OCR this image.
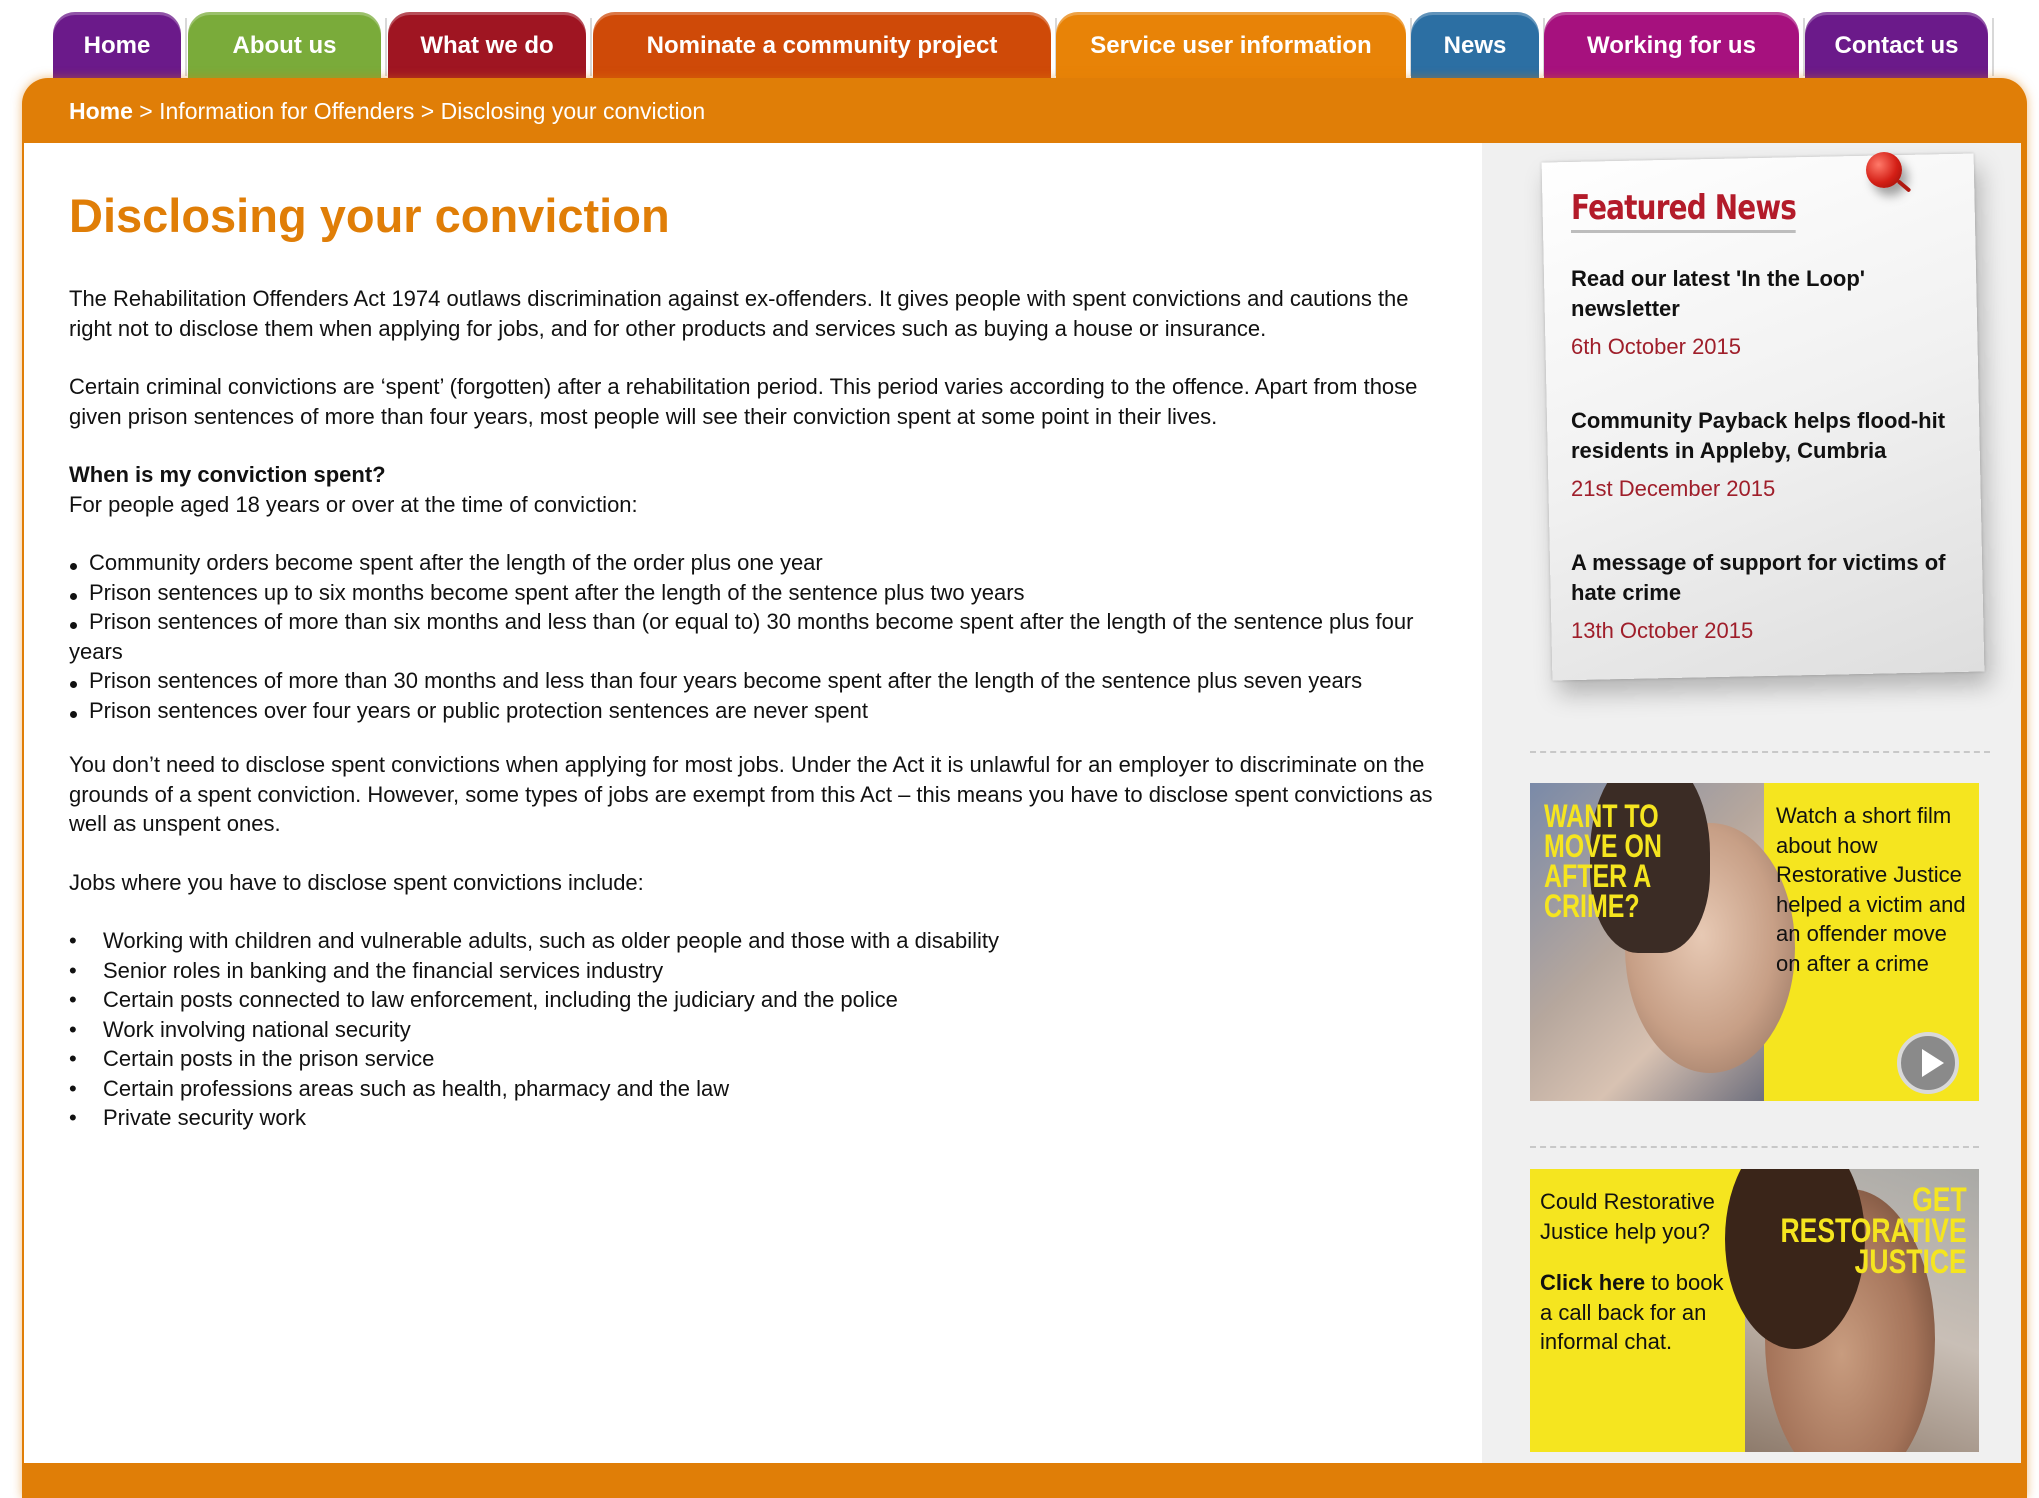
Home	About us	What we do	Nominate a community project	Service user information	News	Working for us	Contact us
Home > Information for Offenders > Disclosing your conviction
Disclosing your conviction

The Rehabilitation Offenders Act 1974 outlaws discrimination against ex-offenders. It gives people with spent convictions and cautions the right not to disclose them when applying for jobs, and for other products and services such as buying a house or insurance.

Certain criminal convictions are ‘spent’ (forgotten) after a rehabilitation period. This period varies according to the offence. Apart from those given prison sentences of more than four years, most people will see their conviction spent at some point in their lives.

When is my conviction spent?

For people aged 18 years or over at the time of conviction:

Community orders become spent after the length of the order plus one year
Prison sentences up to six months become spent after the length of the sentence plus two years
Prison sentences of more than six months and less than (or equal to) 30 months become spent after the length of the sentence plus four years
Prison sentences of more than 30 months and less than four years become spent after the length of the sentence plus seven years
Prison sentences over four years or public protection sentences are never spent

You don’t need to disclose spent convictions when applying for most jobs. Under the Act it is unlawful for an employer to discriminate on the grounds of a spent conviction. However, some types of jobs are exempt from this Act – this means you have to disclose spent convictions as well as unspent ones.

Jobs where you have to disclose spent convictions include:

• Working with children and vulnerable adults, such as older people and those with a disability
• Senior roles in banking and the financial services industry
• Certain posts connected to law enforcement, including the judiciary and the police
• Work involving national security
• Certain posts in the prison service
• Certain professions areas such as health, pharmacy and the law
• Private security work
Featured News
Read our latest 'In the Loop' newsletter
6th October 2015
Community Payback helps flood-hit residents in Appleby, Cumbria
21st December 2015
A message of support for victims of hate crime
13th October 2015
WANT TO MOVE ON AFTER A CRIME?
Watch a short film about how Restorative Justice helped a victim and an offender move on after a crime
Could Restorative Justice help you?
Click here to book a call back for an informal chat.
GET
RESTORATIVE
JUSTICE
